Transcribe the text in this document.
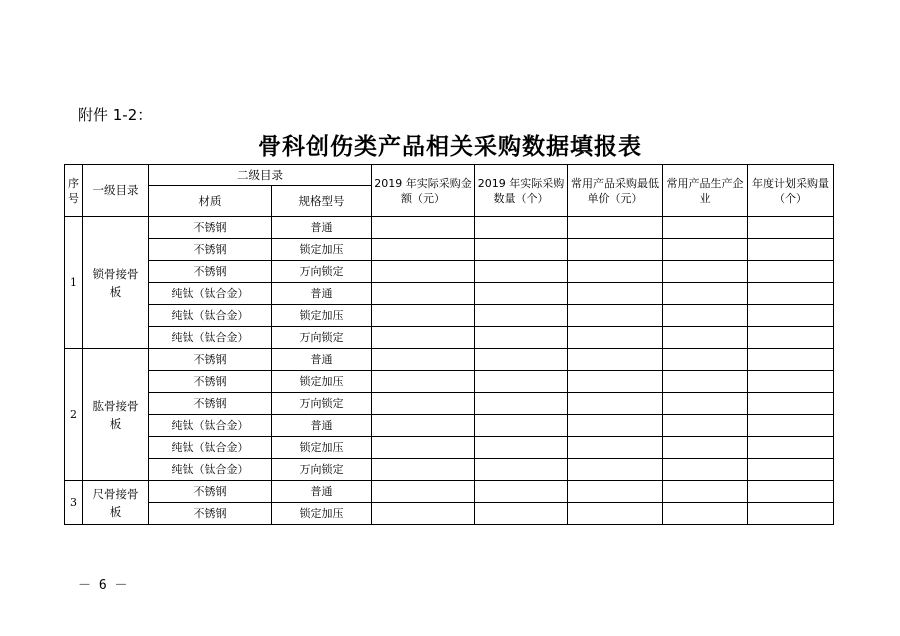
附件 1-2：
骨科创伤类产品相关采购数据填报表
序号	一级目录	二级目录		2019 年实际采购金额（元）	2019 年实际采购数量（个）	常用产品采购最低单价（元）	常用产品生产企业	年度计划采购量（个）
		材质	规格型号					
1	锁骨接骨板	不锈钢	普通					
		不锈钢	锁定加压					
		不锈钢	万向锁定					
		纯钛（钛合金）	普通					
		纯钛（钛合金）	锁定加压					
		纯钛（钛合金）	万向锁定					
2	肱骨接骨板	不锈钢	普通					
		不锈钢	锁定加压					
		不锈钢	万向锁定					
		纯钛（钛合金）	普通					
		纯钛（钛合金）	锁定加压					
		纯钛（钛合金）	万向锁定					
3	尺骨接骨板	不锈钢	普通					
		不锈钢	锁定加压					
－ 6 －
